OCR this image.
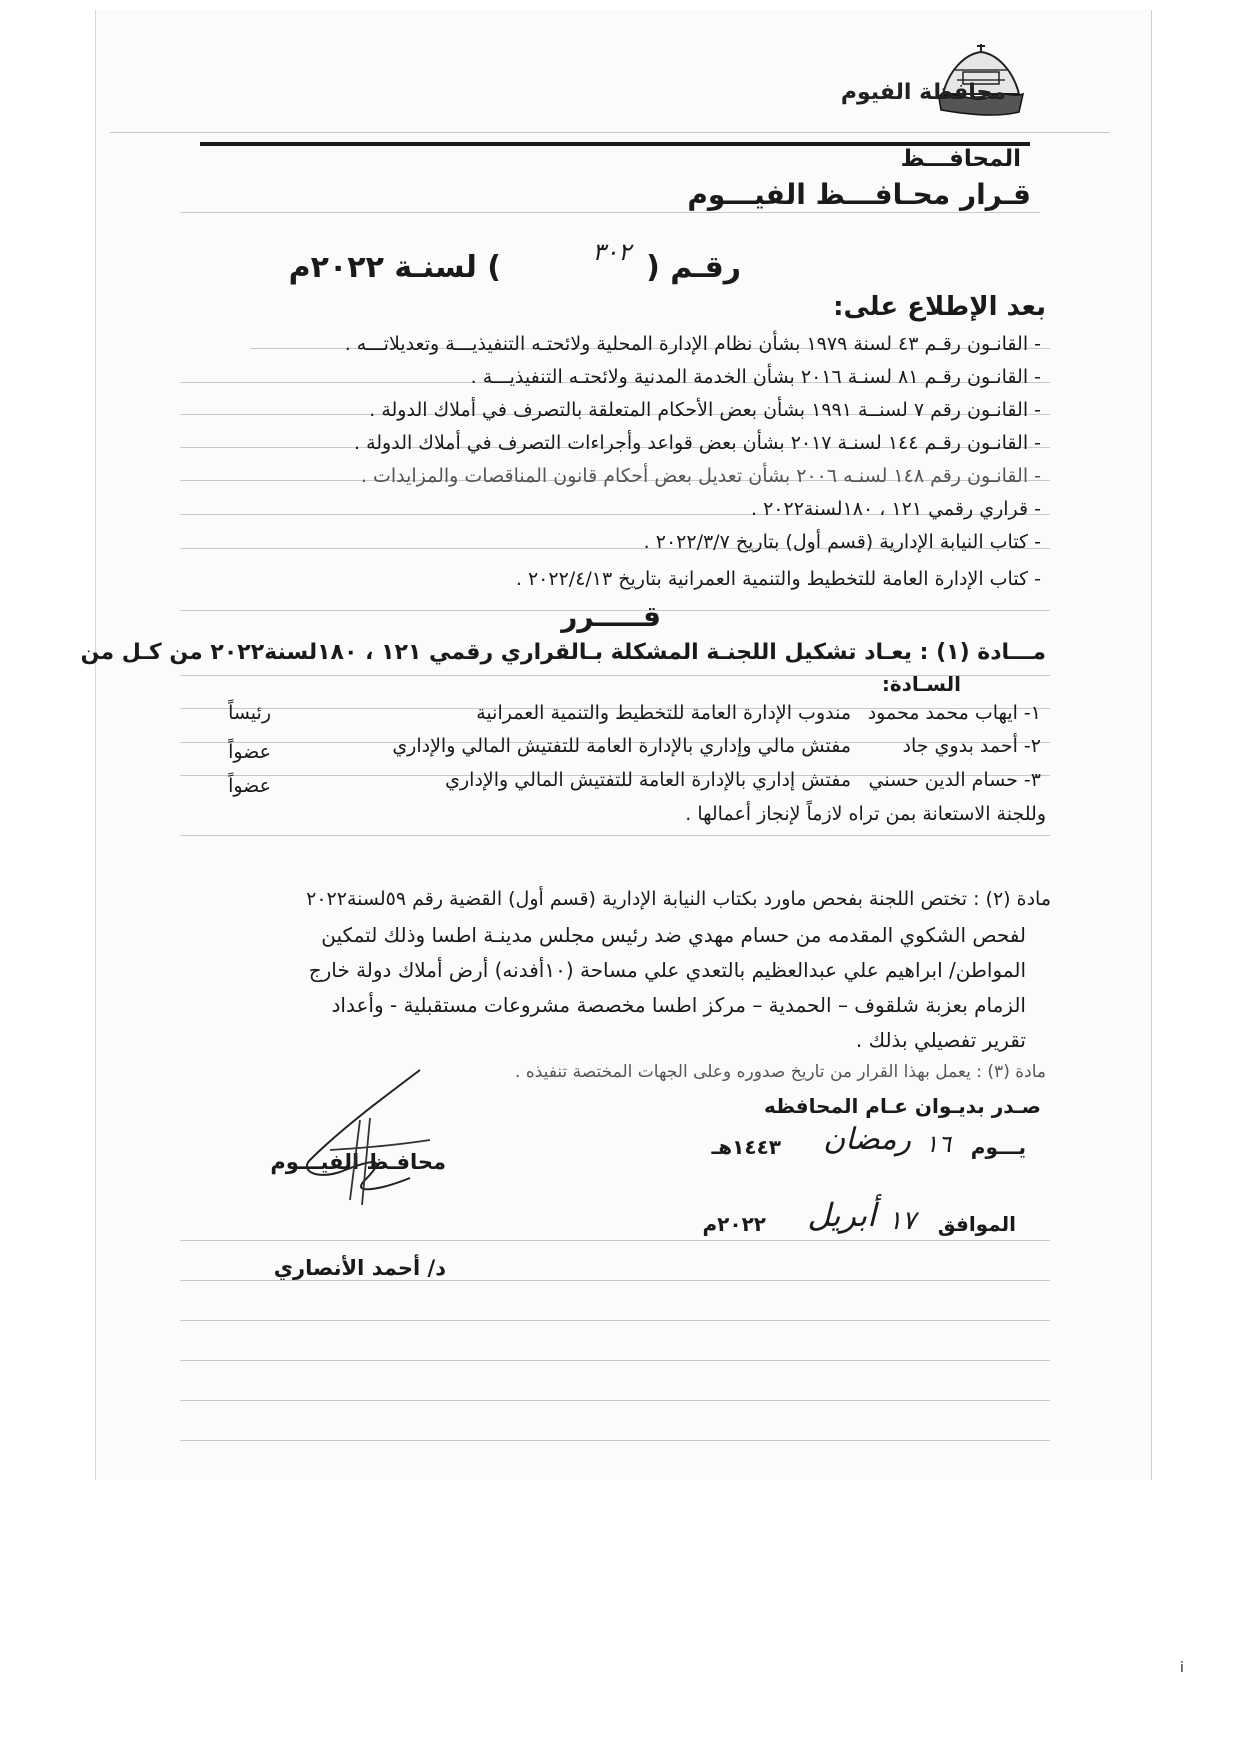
محافظة الفيوم
المحافـــظ
قـرار محـافـــظ الفيـــوم
رقـم (
٣٠٢
) لسنـة ٢٠٢٢م
بعد الإطلاع على:
- القانـون رقـم ٤٣ لسنة ١٩٧٩ بشأن نظام الإدارة المحلية ولائحتـه التنفيذيـــة وتعديلاتـــه .
- القانـون رقـم ٨١ لسنـة ٢٠١٦ بشأن الخدمة المدنية ولائحتـه التنفيذيـــة .
- القانـون رقم ٧ لسنــة ١٩٩١ بشأن بعض الأحكام المتعلقة بالتصرف في أملاك الدولة .
- القانـون رقـم ١٤٤ لسنـة ٢٠١٧ بشأن بعض قواعد وأجراءات التصرف في أملاك الدولة .
- القانـون رقم ١٤٨ لسنـه ٢٠٠٦ بشأن تعديل بعض أحكام قانون المناقصات والمزايدات .
- قراري رقمي ١٢١ ، ١٨٠لسنة٢٠٢٢ .
- كتاب النيابة الإدارية (قسم أول) بتاريخ ٢٠٢٢/٣/٧ .
- كتاب الإدارة العامة للتخطيط والتنمية العمرانية بتاريخ ٢٠٢٢/٤/١٣ .
قـــــرر
مـــادة (١) : يعـاد تشكيل اللجنـة المشكلة بـالقراري رقمي ١٢١ ، ١٨٠لسنة٢٠٢٢ من كـل من
السـادة:
١- ايهاب محمد محمود
مندوب الإدارة العامة للتخطيط والتنمية العمرانية
رئيساً
٢- أحمد بدوي جاد
مفتش مالي وإداري بالإدارة العامة للتفتيش المالي والإداري
عضواً
٣- حسام الدين حسني
مفتش إداري بالإدارة العامة للتفتيش المالي والإداري
عضواً
وللجنة الاستعانة بمن تراه لازماً لإنجاز أعمالها .
مادة (٢) : تختص اللجنة بفحص ماورد بكتاب النيابة الإدارية (قسم أول) القضية رقم ٥٩لسنة٢٠٢٢
لفحص الشكوي المقدمه من حسام مهدي ضد رئيس مجلس مدينـة اطسا وذلك لتمكين
المواطن/ ابراهيم علي عبدالعظيم بالتعدي علي مساحة (١٠أفدنه) أرض أملاك دولة خارج
الزمام بعزبة شلقوف – الحمدية – مركز اطسا مخصصة مشروعات مستقبلية - وأعداد
تقرير تفصيلي بذلك .
مادة (٣) : يعمل بهذا القرار من تاريخ صدوره وعلى الجهات المختصة تنفيذه .
صـدر بديـوان عـام المحافظه
يـــوم
١٦
رمضان
١٤٤٣هـ
الموافق
١٧
أبريل
٢٠٢٢م
محافـظ الفيـــوم
د/ أحمد الأنصاري
i
